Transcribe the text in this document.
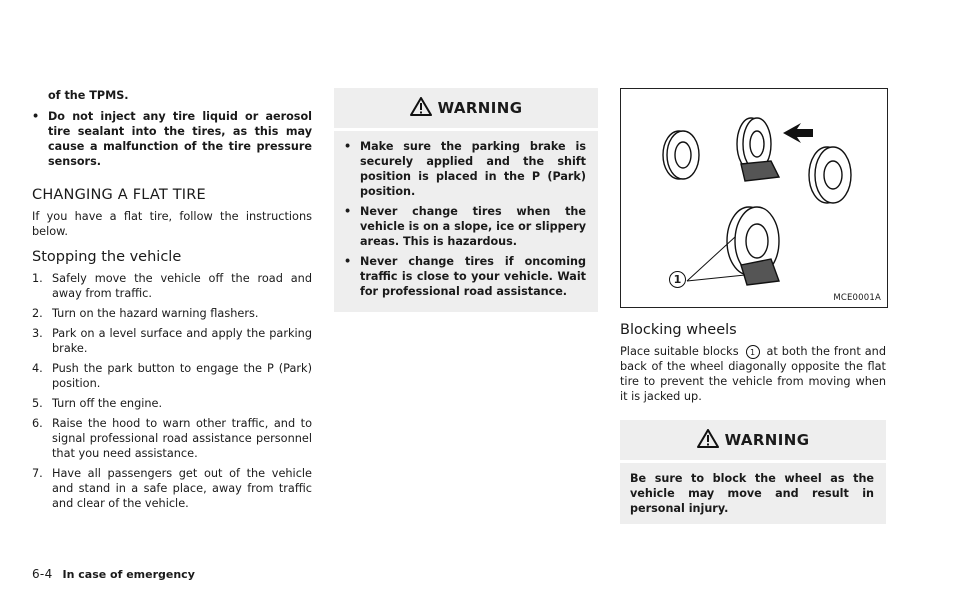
of the TPMS.
• Do not inject any tire liquid or aerosol tire sealant into the tires, as this may cause a malfunction of the tire pressure sensors.
CHANGING A FLAT TIRE

If you have a flat tire, follow the instructions below.

Stopping the vehicle
1. Safely move the vehicle off the road and away from traffic.
2. Turn on the hazard warning flashers.
3. Park on a level surface and apply the parking brake.
4. Push the park button to engage the P (Park) position.
5. Turn off the engine.
6. Raise the hood to warn other traffic, and to signal professional road assistance personnel that you need assistance.
7. Have all passengers get out of the vehicle and stand in a safe place, away from traffic and clear of the vehicle.
WARNING
• Make sure the parking brake is securely applied and the shift position is placed in the P (Park) position.
• Never change tires when the vehicle is on a slope, ice or slippery areas. This is hazardous.
• Never change tires if oncoming traffic is close to your vehicle. Wait for professional road assistance.
1
MCE0001A
Blocking wheels

Place suitable blocks 1 at both the front and back of the wheel diagonally opposite the flat tire to prevent the vehicle from moving when it is jacked up.

WARNING
Be sure to block the wheel as the vehicle may move and result in personal injury.
6-4 In case of emergency
